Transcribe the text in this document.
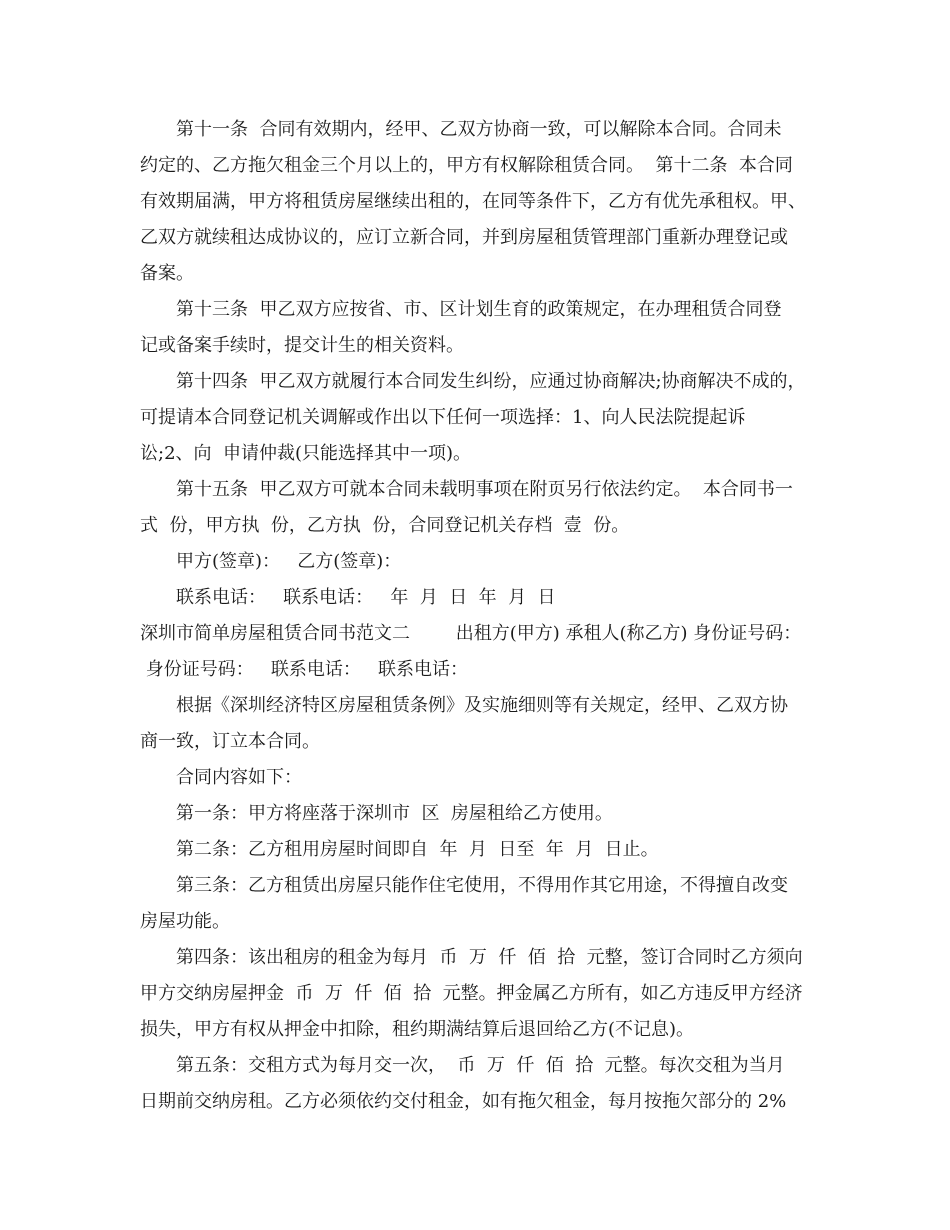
第十一条  合同有效期内，经甲、乙双方协商一致，可以解除本合同。合同未

约定的、乙方拖欠租金三个月以上的，甲方有权解除租赁合同。  第十二条  本合同

有效期届满，甲方将租赁房屋继续出租的，在同等条件下，乙方有优先承租权。甲、

乙双方就续租达成协议的，应订立新合同，并到房屋租赁管理部门重新办理登记或

备案。

第十三条  甲乙双方应按省、市、区计划生育的政策规定，在办理租赁合同登

记或备案手续时，提交计生的相关资料。

第十四条  甲乙双方就履行本合同发生纠纷，应通过协商解决;协商解决不成的，

可提请本合同登记机关调解或作出以下任何一项选择：1、向人民法院提起诉

讼;2、向  申请仲裁(只能选择其中一项)。

第十五条  甲乙双方可就本合同未载明事项在附页另行依法约定。  本合同书一

式  份，甲方执  份，乙方执  份，合同登记机关存档  壹  份。

甲方(签章)：   乙方(签章)：

联系电话：   联系电话：   年  月  日  年  月  日

深圳市简单房屋租赁合同书范文二        出租方(甲方) 承租人(称乙方) 身份证号码：

身份证号码：   联系电话：   联系电话：

根据《深圳经济特区房屋租赁条例》及实施细则等有关规定，经甲、乙双方协

商一致，订立本合同。

合同内容如下：

第一条：甲方将座落于深圳市  区  房屋租给乙方使用。

第二条：乙方租用房屋时间即自  年  月  日至  年  月  日止。

第三条：乙方租赁出房屋只能作住宅使用，不得用作其它用途，不得擅自改变

房屋功能。

第四条：该出租房的租金为每月  币  万  仟  佰  拾  元整，签订合同时乙方须向

甲方交纳房屋押金  币  万  仟  佰  拾  元整。押金属乙方所有，如乙方违反甲方经济

损失，甲方有权从押金中扣除，租约期满结算后退回给乙方(不记息)。

第五条：交租方式为每月交一次，  币  万  仟  佰  拾  元整。每次交租为当月

日期前交纳房租。乙方必须依约交付租金，如有拖欠租金，每月按拖欠部分的 2%
